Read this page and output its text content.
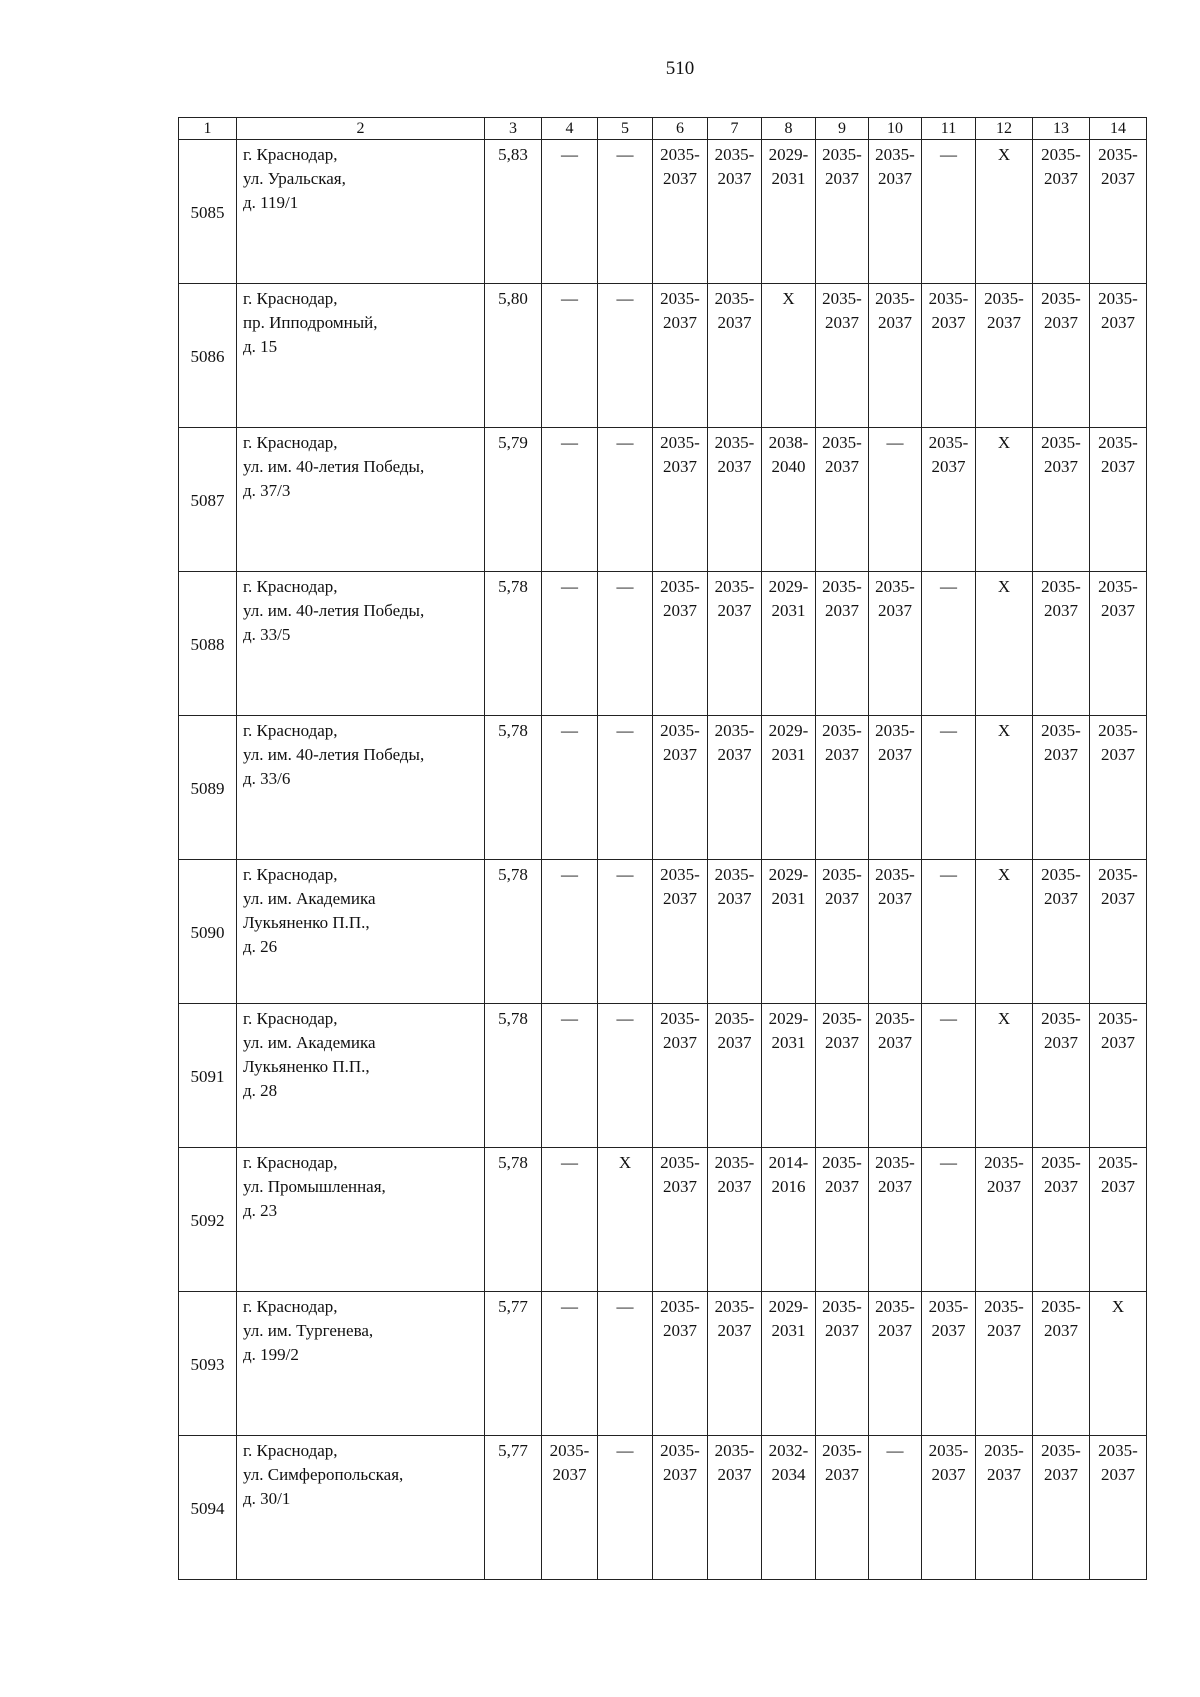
510
1	2	3	4	5	6	7	8	9	10	11	12	13	14
5085	г. Краснодар,
ул. Уральская,
д. 119/1	5,83	—	—	2035-
2037	2035-
2037	2029-
2031	2035-
2037	2035-
2037	—	X	2035-
2037	2035-
2037

5086	г. Краснодар,
пр. Ипподромный,
д. 15	5,80	—	—	2035-
2037	2035-
2037	X	2035-
2037	2035-
2037	2035-
2037	2035-
2037	2035-
2037	2035-
2037

5087	г. Краснодар,
ул. им. 40-летия Победы,
д. 37/3	5,79	—	—	2035-
2037	2035-
2037	2038-
2040	2035-
2037	—	2035-
2037	X	2035-
2037	2035-
2037

5088	г. Краснодар,
ул. им. 40-летия Победы,
д. 33/5	5,78	—	—	2035-
2037	2035-
2037	2029-
2031	2035-
2037	2035-
2037	—	X	2035-
2037	2035-
2037

5089	г. Краснодар,
ул. им. 40-летия Победы,
д. 33/6	5,78	—	—	2035-
2037	2035-
2037	2029-
2031	2035-
2037	2035-
2037	—	X	2035-
2037	2035-
2037

5090	г. Краснодар,
ул. им. Академика
Лукьяненко П.П.,
д. 26	5,78	—	—	2035-
2037	2035-
2037	2029-
2031	2035-
2037	2035-
2037	—	X	2035-
2037	2035-
2037

5091	г. Краснодар,
ул. им. Академика
Лукьяненко П.П.,
д. 28	5,78	—	—	2035-
2037	2035-
2037	2029-
2031	2035-
2037	2035-
2037	—	X	2035-
2037	2035-
2037

5092	г. Краснодар,
ул. Промышленная,
д. 23	5,78	—	X	2035-
2037	2035-
2037	2014-
2016	2035-
2037	2035-
2037	—	2035-
2037	2035-
2037	2035-
2037

5093	г. Краснодар,
ул. им. Тургенева,
д. 199/2	5,77	—	—	2035-
2037	2035-
2037	2029-
2031	2035-
2037	2035-
2037	2035-
2037	2035-
2037	2035-
2037	X

5094	г. Краснодар,
ул. Симферопольская,
д. 30/1	5,77	2035-
2037	—	2035-
2037	2035-
2037	2032-
2034	2035-
2037	—	2035-
2037	2035-
2037	2035-
2037	2035-
2037
